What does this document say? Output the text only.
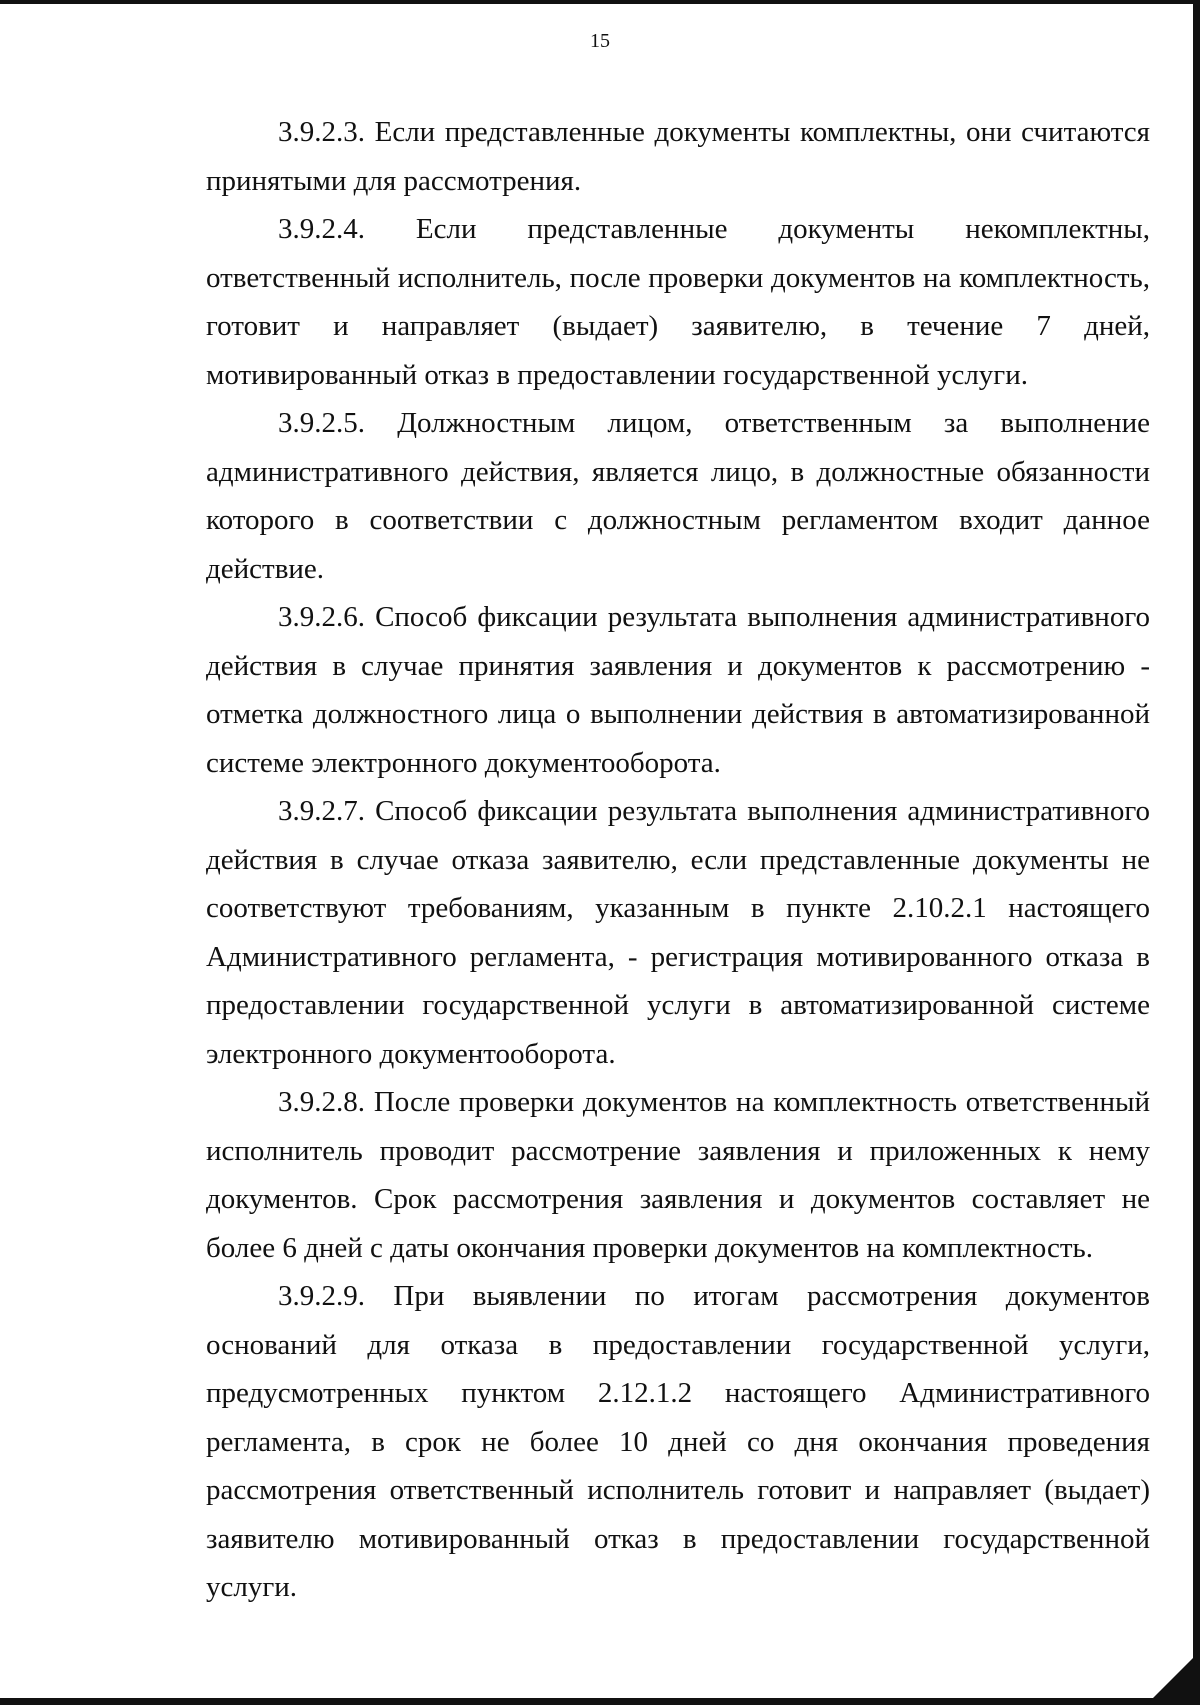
15

3.9.2.3. Если представленные документы комплектны, они считаются принятыми для рассмотрения.

3.9.2.4. Если представленные документы некомплектны, ответственный исполнитель, после проверки документов на комплектность, готовит и направляет (выдает) заявителю, в течение 7 дней, мотивированный отказ в предоставлении государственной услуги.

3.9.2.5. Должностным лицом, ответственным за выполнение административного действия, является лицо, в должностные обязанности которого в соответствии с должностным регламентом входит данное действие.

3.9.2.6. Способ фиксации результата выполнения административного действия в случае принятия заявления и документов к рассмотрению - отметка должностного лица о выполнении действия в автоматизированной системе электронного документооборота.

3.9.2.7. Способ фиксации результата выполнения административного действия в случае отказа заявителю, если представленные документы не соответствуют требованиям, указанным в пункте 2.10.2.1 настоящего Административного регламента, - регистрация мотивированного отказа в предоставлении государственной услуги в автоматизированной системе электронного документооборота.

3.9.2.8. После проверки документов на комплектность ответственный исполнитель проводит рассмотрение заявления и приложенных к нему документов. Срок рассмотрения заявления и документов составляет не более 6 дней с даты окончания проверки документов на комплектность.

3.9.2.9. При выявлении по итогам рассмотрения документов оснований для отказа в предоставлении государственной услуги, предусмотренных пунктом 2.12.1.2 настоящего Административного регламента, в срок не более 10 дней со дня окончания проведения рассмотрения ответственный исполнитель готовит и направляет (выдает) заявителю мотивированный отказ в предоставлении государственной услуги.
